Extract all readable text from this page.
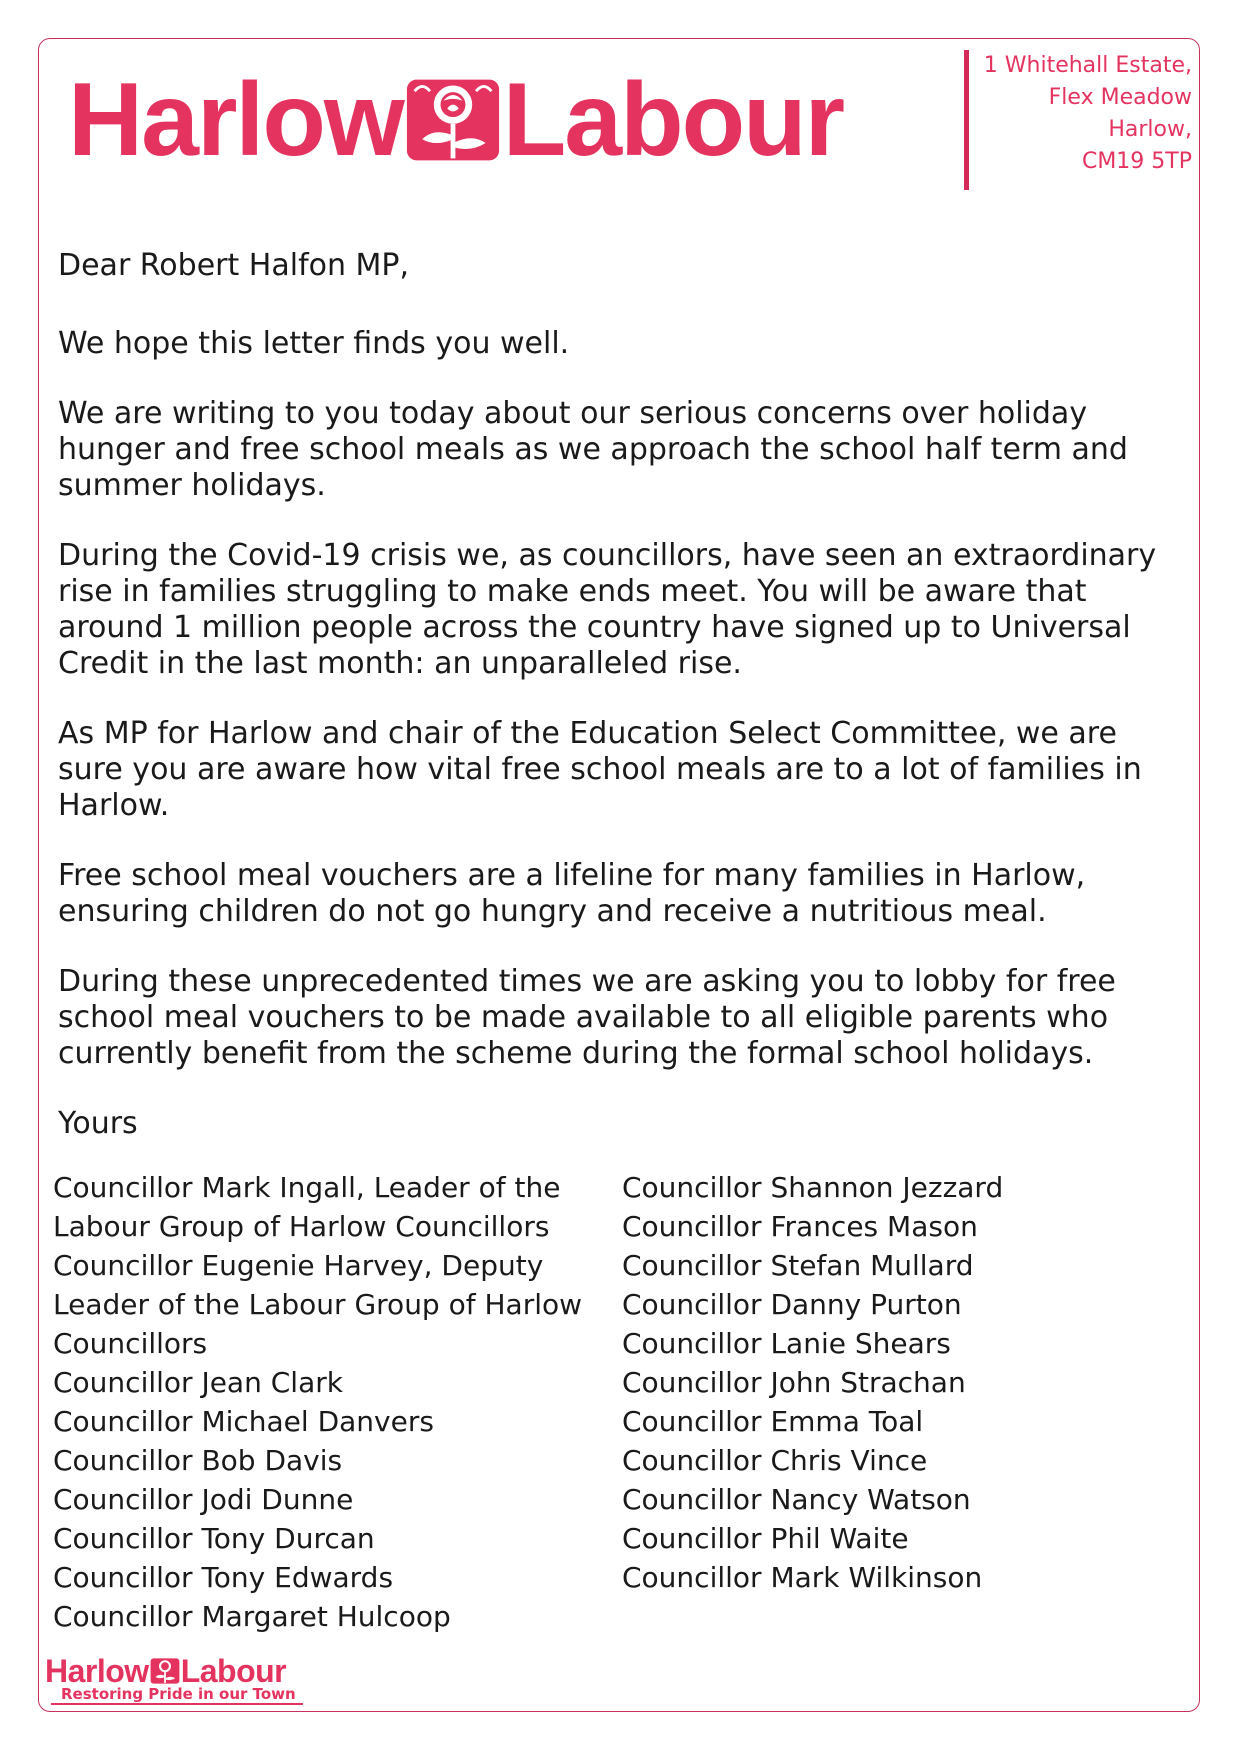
Harlow Labour	1 Whitehall Estate,
Flex Meadow
Harlow,
CM19 5TP

Dear Robert Halfon MP,

We hope this letter finds you well.

We are writing to you today about our serious concerns over holiday hunger and free school meals as we approach the school half term and summer holidays.

During the Covid-19 crisis we, as councillors, have seen an extraordinary rise in families struggling to make ends meet. You will be aware that around 1 million people across the country have signed up to Universal Credit in the last month: an unparalleled rise.

As MP for Harlow and chair of the Education Select Committee, we are sure you are aware how vital free school meals are to a lot of families in Harlow.

Free school meal vouchers are a lifeline for many families in Harlow, ensuring children do not go hungry and receive a nutritious meal.

During these unprecedented times we are asking you to lobby for free school meal vouchers to be made available to all eligible parents who currently benefit from the scheme during the formal school holidays.

Yours

Councillor Mark Ingall, Leader of the
Labour Group of Harlow Councillors
Councillor Eugenie Harvey, Deputy
Leader of the Labour Group of Harlow
Councillors
Councillor Jean Clark
Councillor Michael Danvers
Councillor Bob Davis
Councillor Jodi Dunne
Councillor Tony Durcan
Councillor Tony Edwards
Councillor Margaret Hulcoop
Councillor Shannon Jezzard
Councillor Frances Mason
Councillor Stefan Mullard
Councillor Danny Purton
Councillor Lanie Shears
Councillor John Strachan
Councillor Emma Toal
Councillor Chris Vince
Councillor Nancy Watson
Councillor Phil Waite
Councillor Mark Wilkinson
Harlow Labour
Restoring Pride in our Town
